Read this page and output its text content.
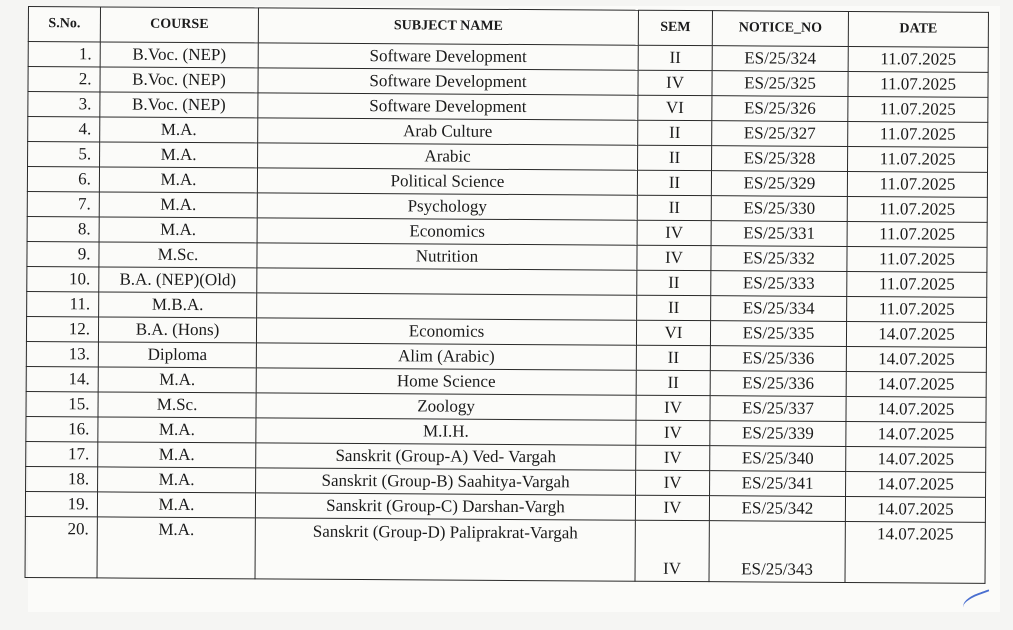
S.No.	COURSE	SUBJECT NAME	SEM	NOTICE_NO	DATE
1.	B.Voc. (NEP)	Software Development	II	ES/25/324	11.07.2025
2.	B.Voc. (NEP)	Software Development	IV	ES/25/325	11.07.2025
3.	B.Voc. (NEP)	Software Development	VI	ES/25/326	11.07.2025
4.	M.A.	Arab Culture	II	ES/25/327	11.07.2025
5.	M.A.	Arabic	II	ES/25/328	11.07.2025
6.	M.A.	Political Science	II	ES/25/329	11.07.2025
7.	M.A.	Psychology	II	ES/25/330	11.07.2025
8.	M.A.	Economics	IV	ES/25/331	11.07.2025
9.	M.Sc.	Nutrition	IV	ES/25/332	11.07.2025
10.	B.A. (NEP)(Old)		II	ES/25/333	11.07.2025
11.	M.B.A.		II	ES/25/334	11.07.2025
12.	B.A. (Hons)	Economics	VI	ES/25/335	14.07.2025
13.	Diploma	Alim (Arabic)	II	ES/25/336	14.07.2025
14.	M.A.	Home Science	II	ES/25/336	14.07.2025
15.	M.Sc.	Zoology	IV	ES/25/337	14.07.2025
16.	M.A.	M.I.H.	IV	ES/25/339	14.07.2025
17.	M.A.	Sanskrit (Group-A) Ved- Vargah	IV	ES/25/340	14.07.2025
18.	M.A.	Sanskrit (Group-B) Saahitya-Vargah	IV	ES/25/341	14.07.2025
19.	M.A.	Sanskrit (Group-C) Darshan-Vargh	IV	ES/25/342	14.07.2025
20.	M.A.	Sanskrit (Group-D) Paliprakrat-Vargah	IV	ES/25/343	14.07.2025
